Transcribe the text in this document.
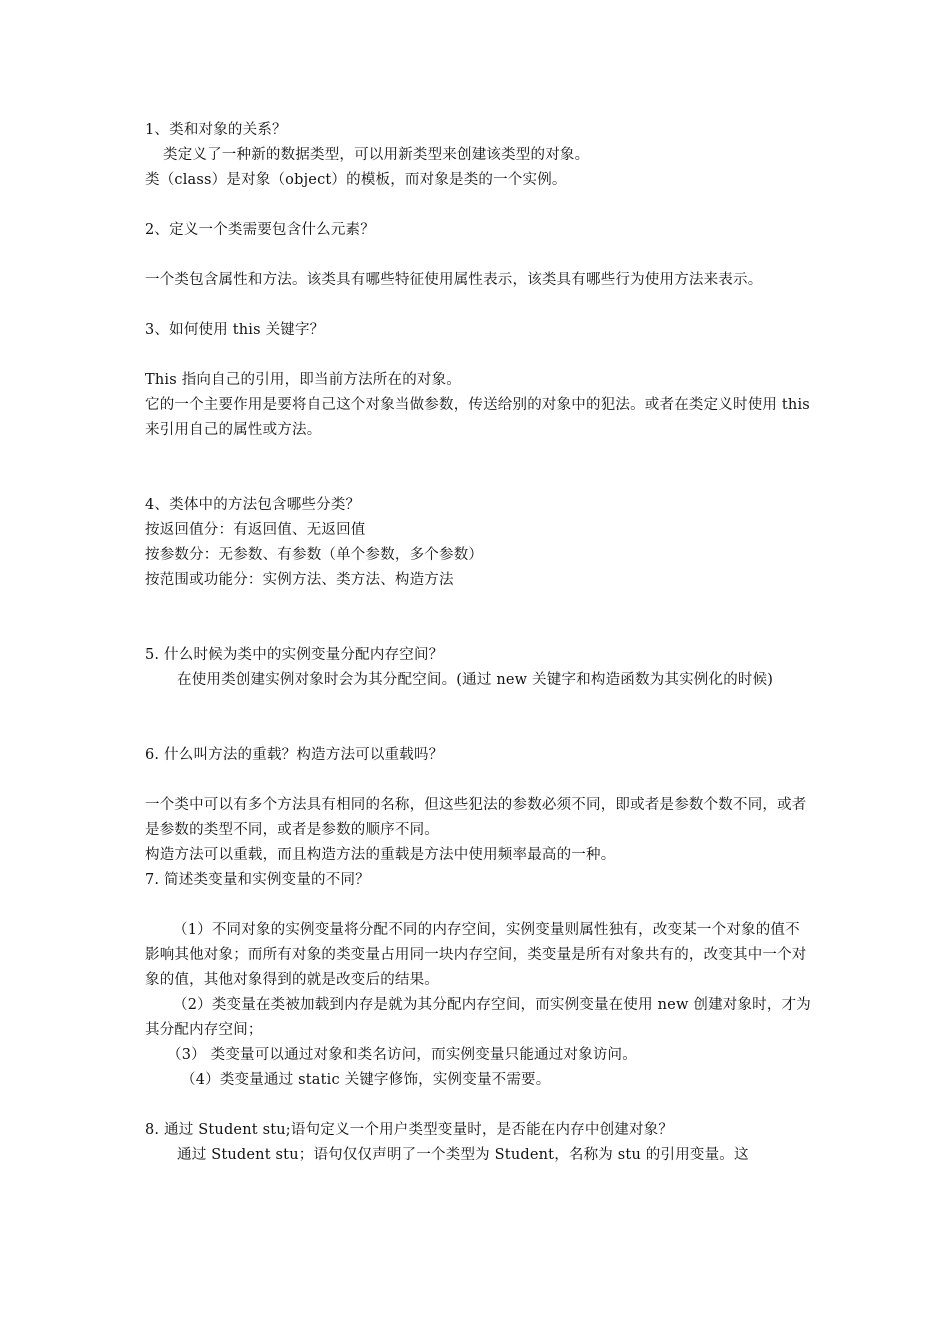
1、类和对象的关系？

类定义了一种新的数据类型，可以用新类型来创建该类型的对象。

类（class）是对象（object）的模板，而对象是类的一个实例。

2、定义一个类需要包含什么元素？

一个类包含属性和方法。该类具有哪些特征使用属性表示，该类具有哪些行为使用方法来表示。

3、如何使用 this 关键字？

This 指向自己的引用，即当前方法所在的对象。

它的一个主要作用是要将自己这个对象当做参数，传送给别的对象中的犯法。或者在类定义时使用 this 来引用自己的属性或方法。

4、类体中的方法包含哪些分类？

按返回值分：有返回值、无返回值

按参数分：无参数、有参数（单个参数，多个参数）

按范围或功能分：实例方法、类方法、构造方法

5. 什么时候为类中的实例变量分配内存空间？

在使用类创建实例对象时会为其分配空间。(通过 new 关键字和构造函数为其实例化的时候)

6. 什么叫方法的重载？构造方法可以重载吗？

一个类中可以有多个方法具有相同的名称，但这些犯法的参数必须不同，即或者是参数个数不同，或者是参数的类型不同，或者是参数的顺序不同。

构造方法可以重载，而且构造方法的重载是方法中使用频率最高的一种。

7. 简述类变量和实例变量的不同？

（1）不同对象的实例变量将分配不同的内存空间，实例变量则属性独有，改变某一个对象的值不影响其他对象；而所有对象的类变量占用同一块内存空间，类变量是所有对象共有的，改变其中一个对象的值，其他对象得到的就是改变后的结果。

（2）类变量在类被加载到内存是就为其分配内存空间，而实例变量在使用 new 创建对象时，才为其分配内存空间；

（3） 类变量可以通过对象和类名访问，而实例变量只能通过对象访问。

（4）类变量通过 static 关键字修饰，实例变量不需要。

8. 通过 Student stu;语句定义一个用户类型变量时，是否能在内存中创建对象？

通过 Student stu；语句仅仅声明了一个类型为 Student，名称为 stu 的引用变量。这
